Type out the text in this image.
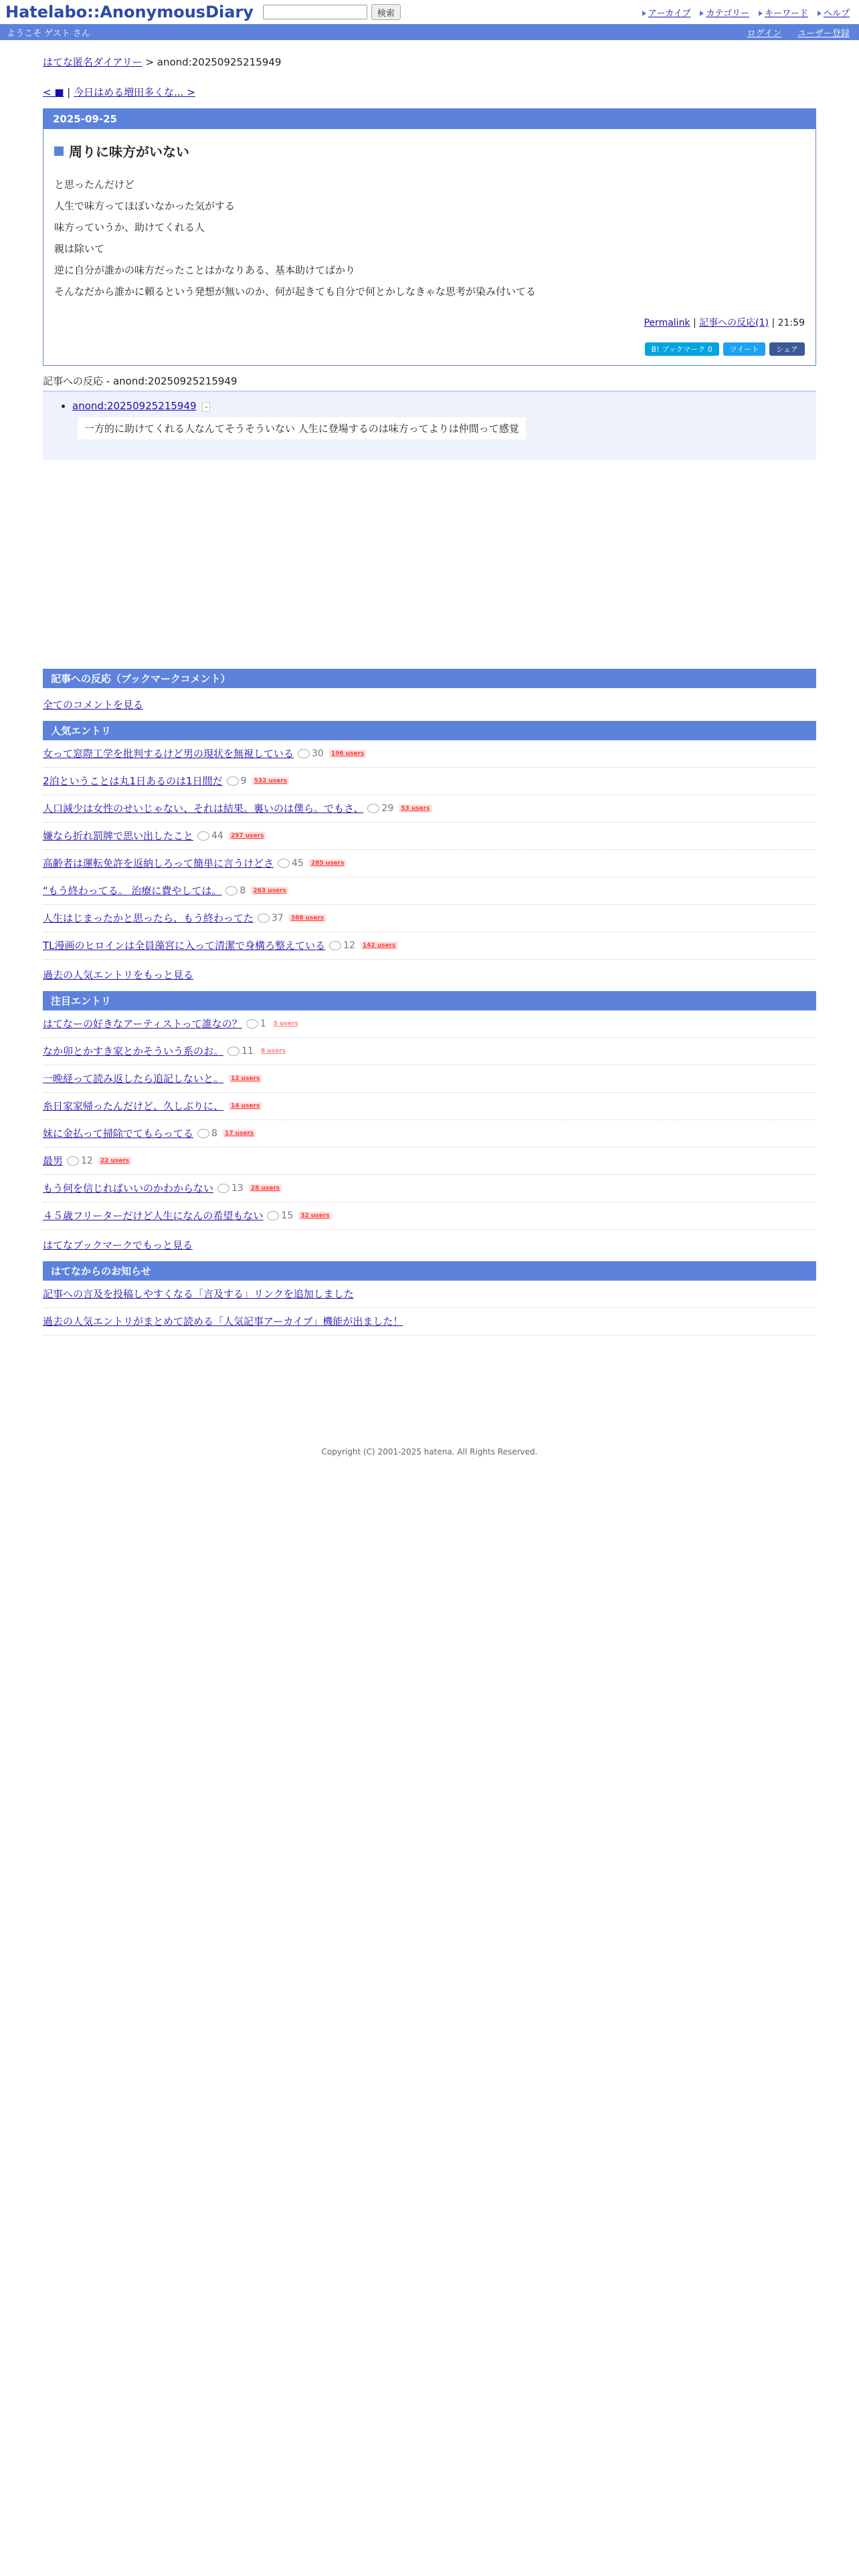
Hatelabo::AnonymousDiary	検索	アーカイブ	カテゴリー	キーワード	ヘルプ
ようこそ ゲスト さん	ログイン ユーザー登録
はてな匿名ダイアリー > anond:20250925215949
< ■ | 今日はめる増田多くな... >
2025-09-25
周りに味方がいない

と思ったんだけど

人生で味方ってほぼいなかった気がする

味方っていうか、助けてくれる人

親は除いて

逆に自分が誰かの味方だったことはかなりある、基本助けてばかり

そんなだから誰かに頼るという発想が無いのか、何が起きても自分で何とかしなきゃな思考が染み付いてる

Permalink | 記事への反応(1) | 21:59
B! ブックマーク 0	ツイート	シェア
記事への反応 - anond:20250925215949
• anond:20250925215949 -
一方的に助けてくれる人なんてそうそういない 人生に登場するのは味方ってよりは仲間って感覚
記事への反応（ブックマークコメント）
全てのコメントを見る
人気エントリ
女って窓際工学を批判するけど男の現状を無視している 30	196 users
2泊ということは丸1日あるのは1日間だ 9	532 users
人口減少は女性のせいじゃない、それは結果。裏いのは僕ら。でもさ、 29	53 users
嫌なら折れ罰牌で思い出したこと 44	297 users
高齢者は運転免許を返納しろって簡単に言うけどさ 45	285 users
“もう終わってる。 治療に費やしては。 8	263 users
人生はじまったかと思ったら、もう終わってた 37	388 users
TL漫画のヒロインは全員藻宮に入って清潔で身構ろ整えている 12	142 users
過去の人気エントリをもっと見る
注目エントリ
はてなーの好きなアーティストって誰なの？ 1	5 users
なか卯とかすき家とかそういう系のお。 11	8 users
一晩経って読み返したら追記しないと。	12 users
糸日家家帰ったんだけど、久しぶりに、	14 users
妹に金払って掃除でてもらってる 8	17 users
最男 12	22 users
もう何を信じればいいのかわからない 13	28 users
４５歳フリーターだけど人生になんの希望もない 15	32 users
はてなブックマークでもっと見る
はてなからのお知らせ
記事への言及を投稿しやすくなる「言及する」リンクを追加しました
過去の人気エントリがまとめて読める「人気記事アーカイブ」機能が出ました！
Copyright (C) 2001-2025 hatena. All Rights Reserved.
